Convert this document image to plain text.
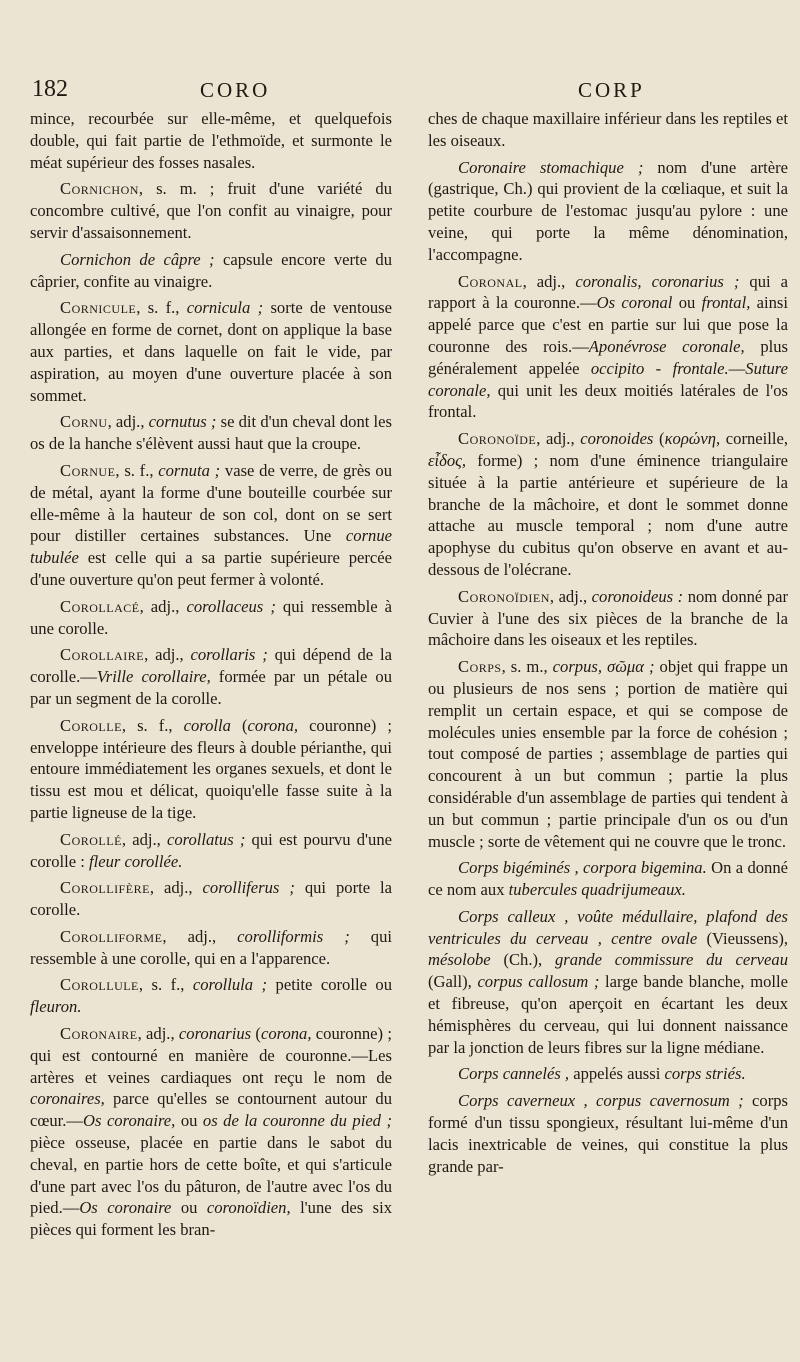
182	CORO	CORP

mince, recourbée sur elle-même, et quelquefois double, qui fait partie de l'ethmoïde, et surmonte le méat supérieur des fosses nasales.

Cornichon, s. m. ; fruit d'une variété du concombre cultivé, que l'on confit au vinaigre, pour servir d'assaisonnement.

Cornichon de câpre ; capsule encore verte du câprier, confite au vinaigre.

Cornicule, s. f., cornicula ; sorte de ventouse allongée en forme de cornet, dont on applique la base aux parties, et dans laquelle on fait le vide, par aspiration, au moyen d'une ouverture placée à son sommet.

Cornu, adj., cornutus ; se dit d'un cheval dont les os de la hanche s'élèvent aussi haut que la croupe.

Cornue, s. f., cornuta ; vase de verre, de grès ou de métal, ayant la forme d'une bouteille courbée sur elle-même à la hauteur de son col, dont on se sert pour distiller certaines substances. Une cornue tubulée est celle qui a sa partie supérieure percée d'une ouverture qu'on peut fermer à volonté.

Corollacé, adj., corollaceus ; qui ressemble à une corolle.

Corollaire, adj., corollaris ; qui dépend de la corolle.—Vrille corollaire, formée par un pétale ou par un segment de la corolle.

Corolle, s. f., corolla (corona, couronne) ; enveloppe intérieure des fleurs à double périanthe, qui entoure immédiatement les organes sexuels, et dont le tissu est mou et délicat, quoiqu'elle fasse suite à la partie ligneuse de la tige.

Corollé, adj., corollatus ; qui est pourvu d'une corolle : fleur corollée.

Corollifère, adj., corolliferus ; qui porte la corolle.

Corolliforme, adj., corolliformis ; qui ressemble à une corolle, qui en a l'apparence.

Corollule, s. f., corollula ; petite corolle ou fleuron.

Coronaire, adj., coronarius (corona, couronne) ; qui est contourné en manière de couronne.—Les artères et veines cardiaques ont reçu le nom de coronaires, parce qu'elles se contournent autour du cœur.—Os coronaire, ou os de la couronne du pied ; pièce osseuse, placée en partie dans le sabot du cheval, en partie hors de cette boîte, et qui s'articule d'une part avec l'os du pâturon, de l'autre avec l'os du pied.—Os coronaire ou coronoïdien, l'une des six pièces qui forment les bran-

ches de chaque maxillaire inférieur dans les reptiles et les oiseaux.

Coronaire stomachique ; nom d'une artère (gastrique, Ch.) qui provient de la cœliaque, et suit la petite courbure de l'estomac jusqu'au pylore : une veine, qui porte la même dénomination, l'accompagne.

Coronal, adj., coronalis, coronarius ; qui a rapport à la couronne.—Os coronal ou frontal, ainsi appelé parce que c'est en partie sur lui que pose la couronne des rois.—Aponévrose coronale, plus généralement appelée occipito - frontale.—Suture coronale, qui unit les deux moitiés latérales de l'os frontal.

Coronoïde, adj., coronoides (κορώνη, corneille, εἶδος, forme) ; nom d'une éminence triangulaire située à la partie antérieure et supérieure de la branche de la mâchoire, et dont le sommet donne attache au muscle temporal ; nom d'une autre apophyse du cubitus qu'on observe en avant et au-dessous de l'olécrane.

Coronoïdien, adj., coronoideus : nom donné par Cuvier à l'une des six pièces de la branche de la mâchoire dans les oiseaux et les reptiles.

Corps, s. m., corpus, σῶμα ; objet qui frappe un ou plusieurs de nos sens ; portion de matière qui remplit un certain espace, et qui se compose de molécules unies ensemble par la force de cohésion ; tout composé de parties ; assemblage de parties qui concourent à un but commun ; partie la plus considérable d'un assemblage de parties qui tendent à un but commun ; partie principale d'un os ou d'un muscle ; sorte de vêtement qui ne couvre que le tronc.

Corps bigéminés , corpora bigemina. On a donné ce nom aux tubercules quadrijumeaux.

Corps calleux , voûte médullaire, plafond des ventricules du cerveau , centre ovale (Vieussens), mésolobe (Ch.), grande commissure du cerveau (Gall), corpus callosum ; large bande blanche, molle et fibreuse, qu'on aperçoit en écartant les deux hémisphères du cerveau, qui lui donnent naissance par la jonction de leurs fibres sur la ligne médiane.

Corps cannelés , appelés aussi corps striés.

Corps caverneux , corpus cavernosum ; corps formé d'un tissu spongieux, résultant lui-même d'un lacis inextricable de veines, qui constitue la plus grande par-
